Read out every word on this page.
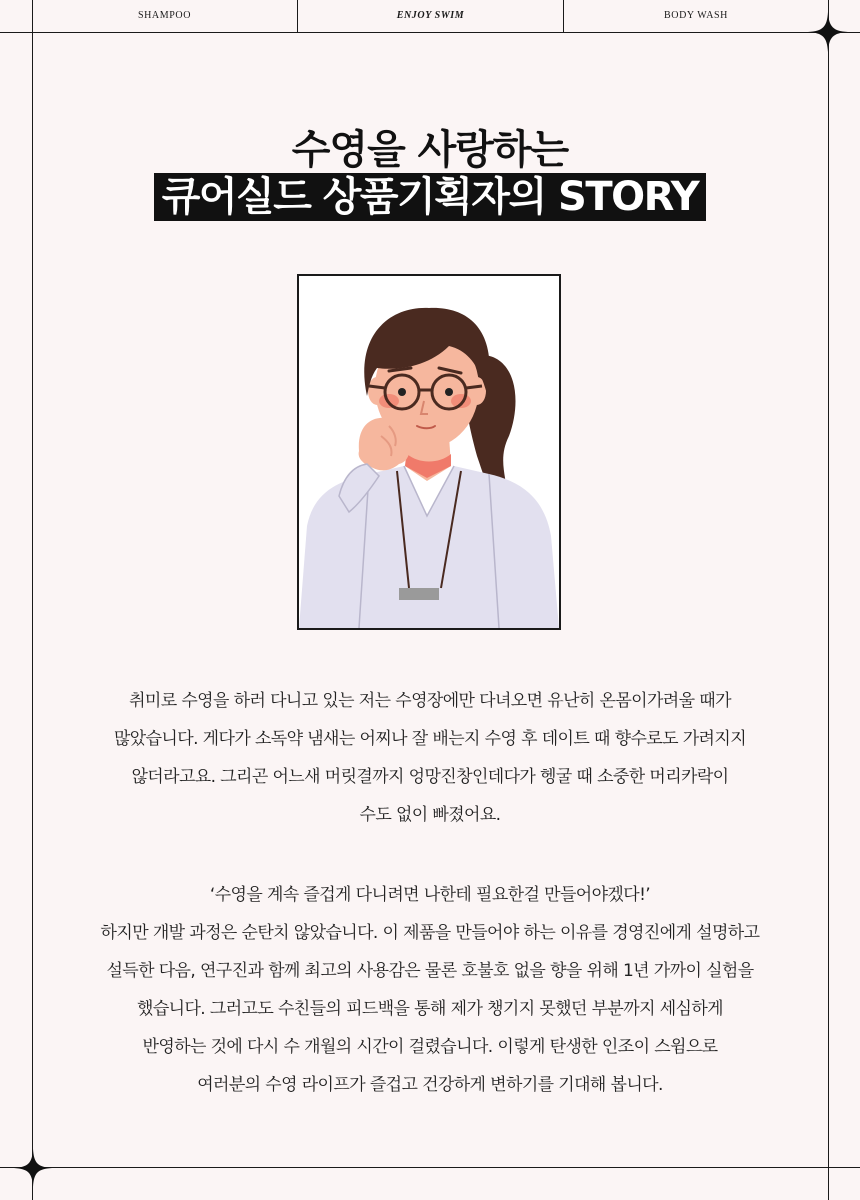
SHAMPOO	ENJOY SWIM	BODY WASH
수영을 사랑하는
큐어실드 상품기획자의 STORY
취미로 수영을 하러 다니고 있는 저는 수영장에만 다녀오면 유난히 온몸이가려울 때가
많았습니다. 게다가 소독약 냄새는 어찌나 잘 배는지 수영 후 데이트 때 향수로도 가려지지
않더라고요. 그리곤 어느새 머릿결까지 엉망진창인데다가 헹굴 때 소중한 머리카락이
수도 없이 빠졌어요.
‘수영을 계속 즐겁게 다니려면 나한테 필요한걸 만들어야겠다!’
하지만 개발 과정은 순탄치 않았습니다. 이 제품을 만들어야 하는 이유를 경영진에게 설명하고
설득한 다음, 연구진과 함께 최고의 사용감은 물론 호불호 없을 향을 위해 1년 가까이 실험을
했습니다. 그러고도 수친들의 피드백을 통해 제가 챙기지 못했던 부분까지 세심하게
반영하는 것에 다시 수 개월의 시간이 걸렸습니다. 이렇게 탄생한 인조이 스윔으로
여러분의 수영 라이프가 즐겁고 건강하게 변하기를 기대해 봅니다.
